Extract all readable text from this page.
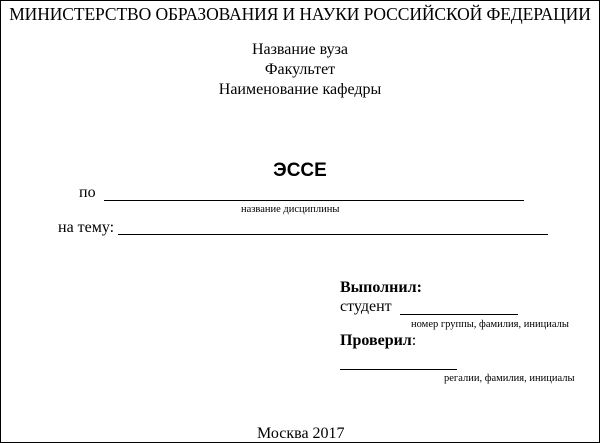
МИНИСТЕРСТВО ОБРАЗОВАНИЯ И НАУКИ РОССИЙСКОЙ ФЕДЕРАЦИИ
Название вуза
Факультет
Наименование кафедры
ЭССЕ
по
название дисциплины
на тему:
Выполнил:
студент
номер группы, фамилия, инициалы
Проверил:
регалии, фамилия, инициалы
Москва 2017
